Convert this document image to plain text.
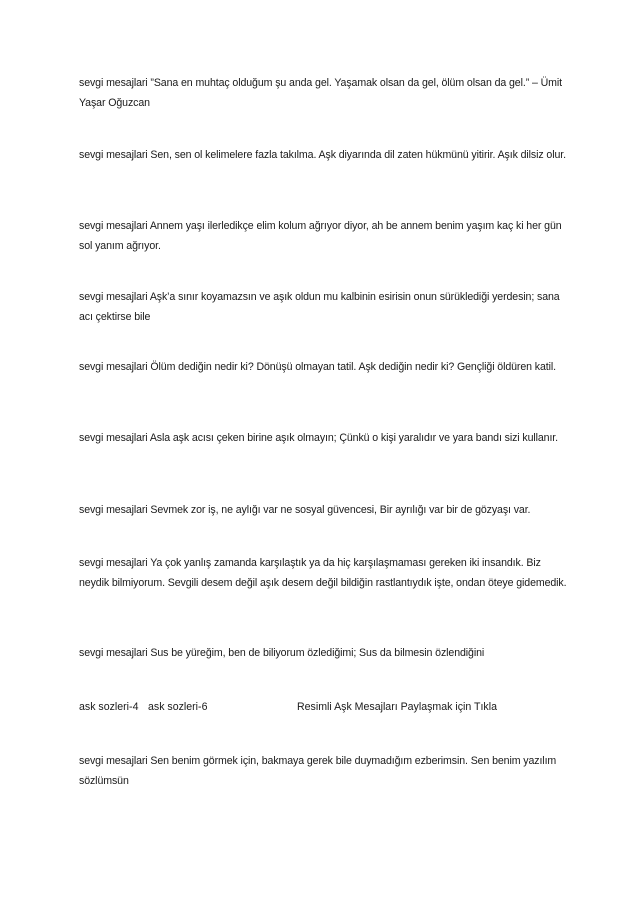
sevgi mesajlari ”Sana en muhtaç olduğum şu anda gel. Yaşamak olsan da gel, ölüm olsan da gel.” – Ümit Yaşar Oğuzcan

sevgi mesajlari Sen, sen ol kelimelere fazla takılma. Aşk diyarında dil zaten hükmünü yitirir. Aşık dilsiz olur.

sevgi mesajlari Annem yaşı ilerledikçe elim kolum ağrıyor diyor, ah be annem benim yaşım kaç ki her gün sol yanım ağrıyor.

sevgi mesajlari Aşk’a sınır koyamazsın ve aşık oldun mu kalbinin esirisin onun sürüklediği yerdesin; sana acı çektirse bile

sevgi mesajlari Ölüm dediğin nedir ki? Dönüşü olmayan tatil. Aşk dediğin nedir ki? Gençliği öldüren katil.

sevgi mesajlari Asla aşk acısı çeken birine aşık olmayın; Çünkü o kişi yaralıdır ve yara bandı sizi kullanır.

sevgi mesajlari Sevmek zor iş, ne aylığı var ne sosyal güvencesi, Bir ayrılığı var bir de gözyaşı var.

sevgi mesajlari Ya çok yanlış zamanda karşılaştık ya da hiç karşılaşmaması gereken iki insandık. Biz neydik bilmiyorum. Sevgili desem değil aşık desem değil bildiğin rastlantıydık işte, ondan öteye gidemedik.

sevgi mesajlari Sus be yüreğim, ben de biliyorum özlediğimi; Sus da bilmesin özlendiğini

ask sozleri-4 ask sozleri-6	Resimli Aşk Mesajları Paylaşmak için Tıkla

sevgi mesajlari Sen benim görmek için, bakmaya gerek bile duymadığım ezberimsin. Sen benim yazılım sözlümsün
